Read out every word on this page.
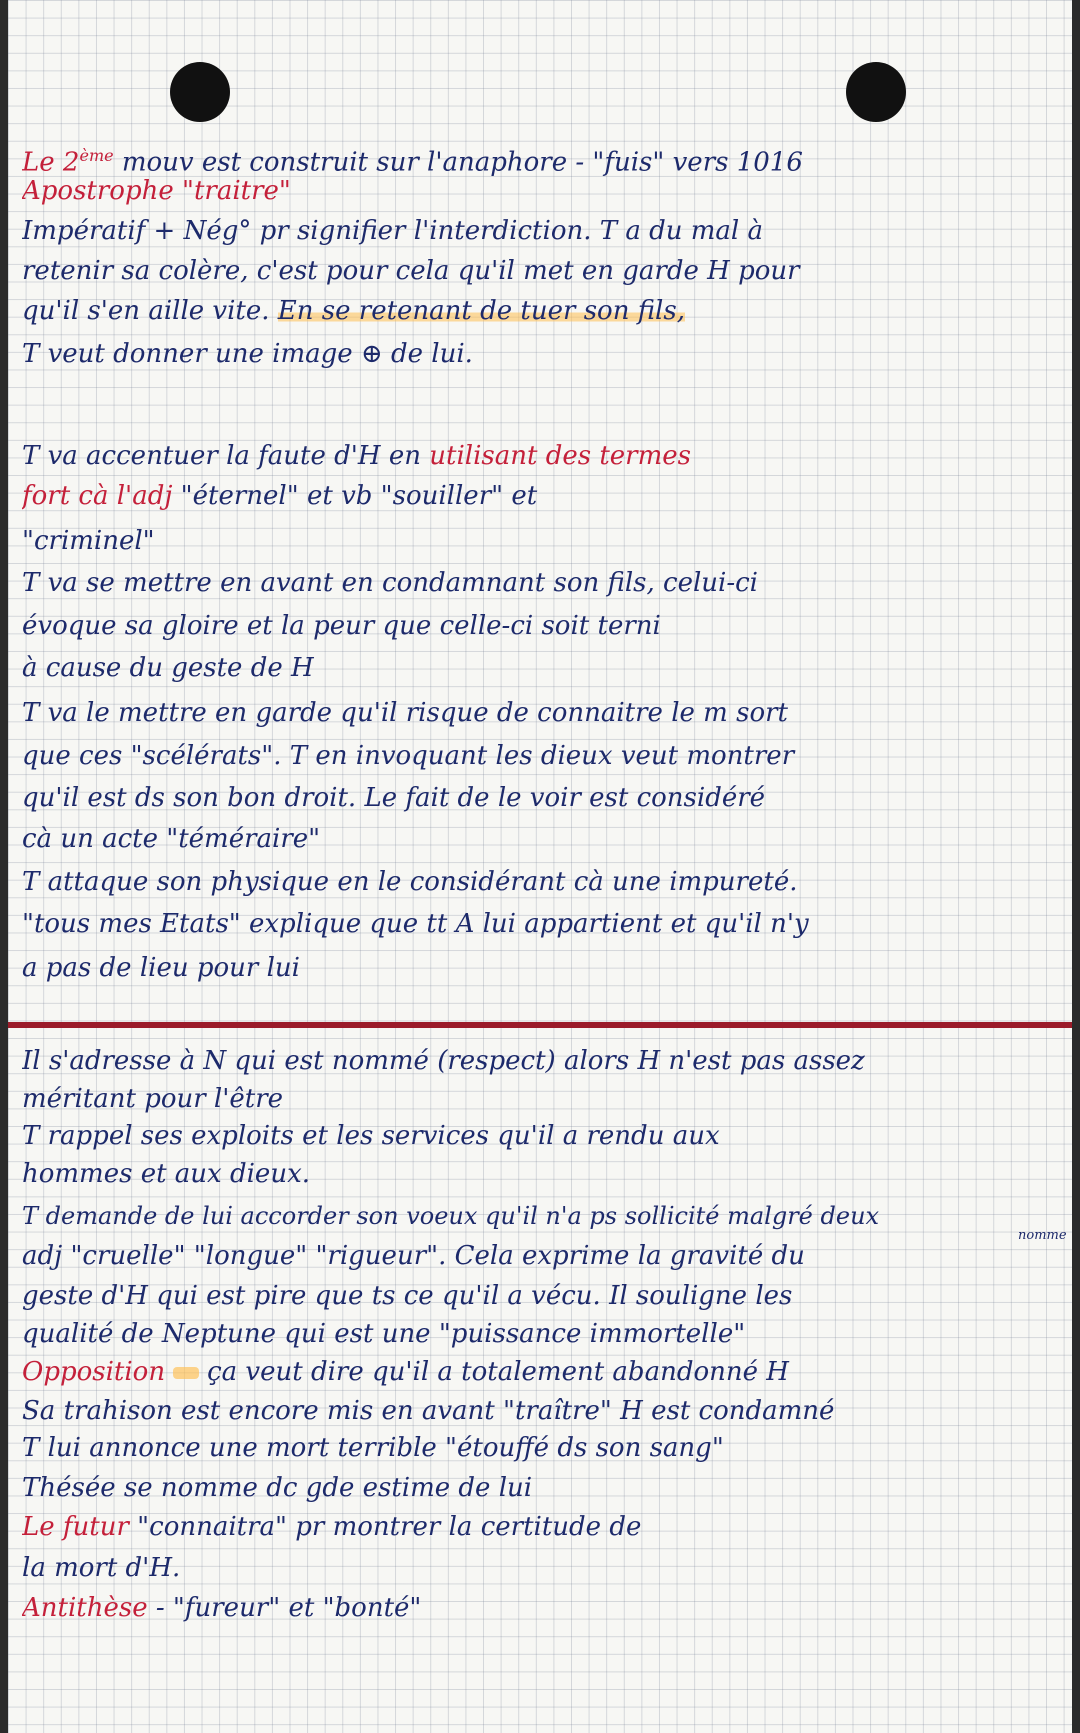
Le 2ème mouv est construit sur l'anaphore - "fuis" vers 1016
Apostrophe "traitre"
Impératif + Nég° pr signifier l'interdiction. T a du mal à
retenir sa colère, c'est pour cela qu'il met en garde H pour
qu'il s'en aille vite. En se retenant de tuer son fils,
T veut donner une image ⊕ de lui.
T va accentuer la faute d'H en utilisant des termes
fort cà l'adj "éternel" et vb "souiller" et
"criminel"
T va se mettre en avant en condamnant son fils, celui-ci
évoque sa gloire et la peur que celle-ci soit terni
à cause du geste de H
T va le mettre en garde qu'il risque de connaitre le m sort
que ces "scélérats". T en invoquant les dieux veut montrer
qu'il est ds son bon droit. Le fait de le voir est considéré
cà un acte "téméraire"
T attaque son physique en le considérant cà une impureté.
"tous mes Etats" explique que tt A lui appartient et qu'il n'y
a pas de lieu pour lui
Il s'adresse à N qui est nommé (respect) alors H n'est pas assez
méritant pour l'être
T rappel ses exploits et les services qu'il a rendu aux
hommes et aux dieux.
T demande de lui accorder son voeux qu'il n'a ps sollicité malgré deux
nomme
adj "cruelle" "longue" "rigueur". Cela exprime la gravité du
geste d'H qui est pire que ts ce qu'il a vécu. Il souligne les
qualité de Neptune qui est une "puissance immortelle"
Opposition ça veut dire qu'il a totalement abandonné H
Sa trahison est encore mis en avant "traître" H est condamné
T lui annonce une mort terrible "étouffé ds son sang"
Thésée se nomme dc gde estime de lui
Le futur "connaitra" pr montrer la certitude de
la mort d'H.
Antithèse - "fureur" et "bonté"
